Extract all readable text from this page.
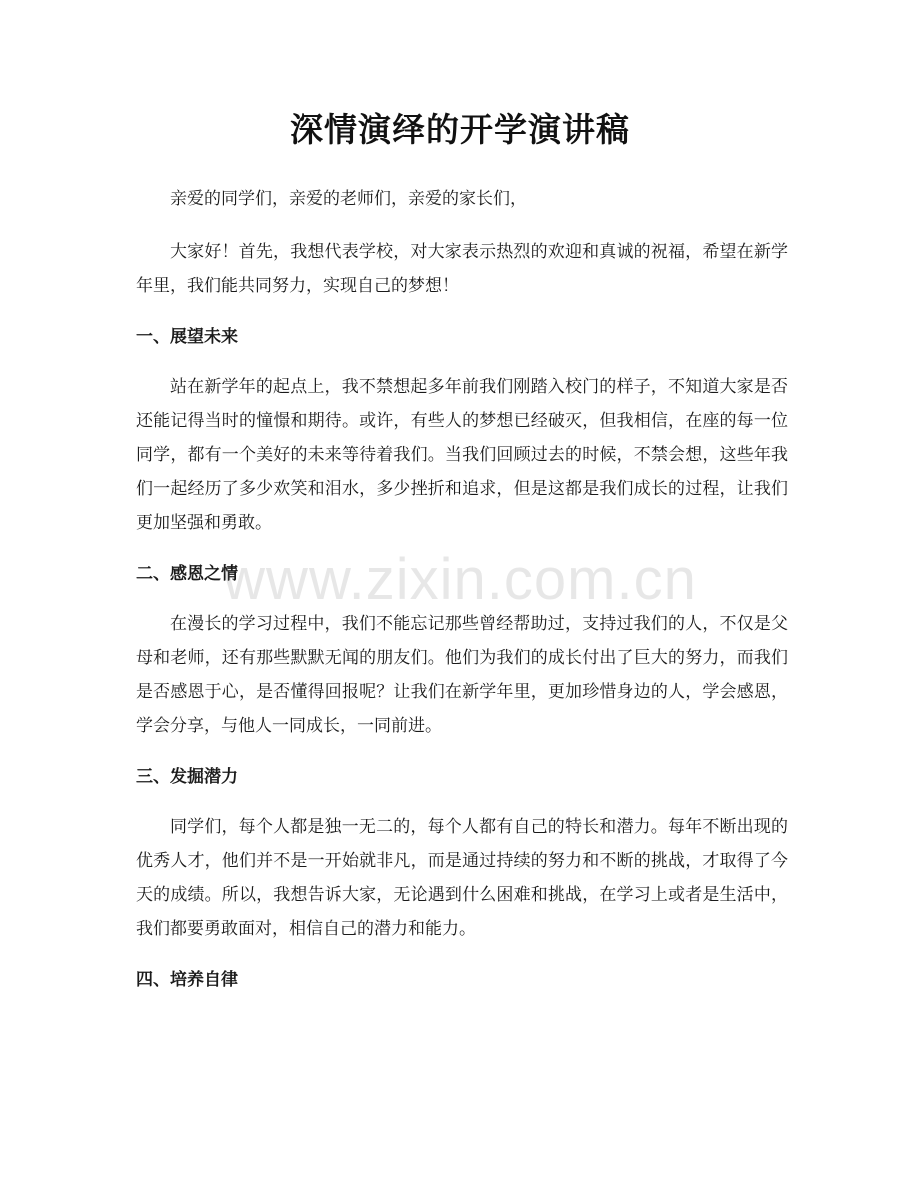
深情演绎的开学演讲稿

亲爱的同学们，亲爱的老师们，亲爱的家长们，

大家好！首先，我想代表学校，对大家表示热烈的欢迎和真诚的祝福，希望在新学年里，我们能共同努力，实现自己的梦想！

一、展望未来

站在新学年的起点上，我不禁想起多年前我们刚踏入校门的样子，不知道大家是否还能记得当时的憧憬和期待。或许，有些人的梦想已经破灭，但我相信，在座的每一位同学，都有一个美好的未来等待着我们。当我们回顾过去的时候，不禁会想，这些年我们一起经历了多少欢笑和泪水，多少挫折和追求，但是这都是我们成长的过程，让我们更加坚强和勇敢。

二、感恩之情

在漫长的学习过程中，我们不能忘记那些曾经帮助过，支持过我们的人，不仅是父母和老师，还有那些默默无闻的朋友们。他们为我们的成长付出了巨大的努力，而我们是否感恩于心，是否懂得回报呢？让我们在新学年里，更加珍惜身边的人，学会感恩，学会分享，与他人一同成长，一同前进。

三、发掘潜力

同学们，每个人都是独一无二的，每个人都有自己的特长和潜力。每年不断出现的优秀人才，他们并不是一开始就非凡，而是通过持续的努力和不断的挑战，才取得了今天的成绩。所以，我想告诉大家，无论遇到什么困难和挑战，在学习上或者是生活中，我们都要勇敢面对，相信自己的潜力和能力。

四、培养自律
www.zixin.com.cn
